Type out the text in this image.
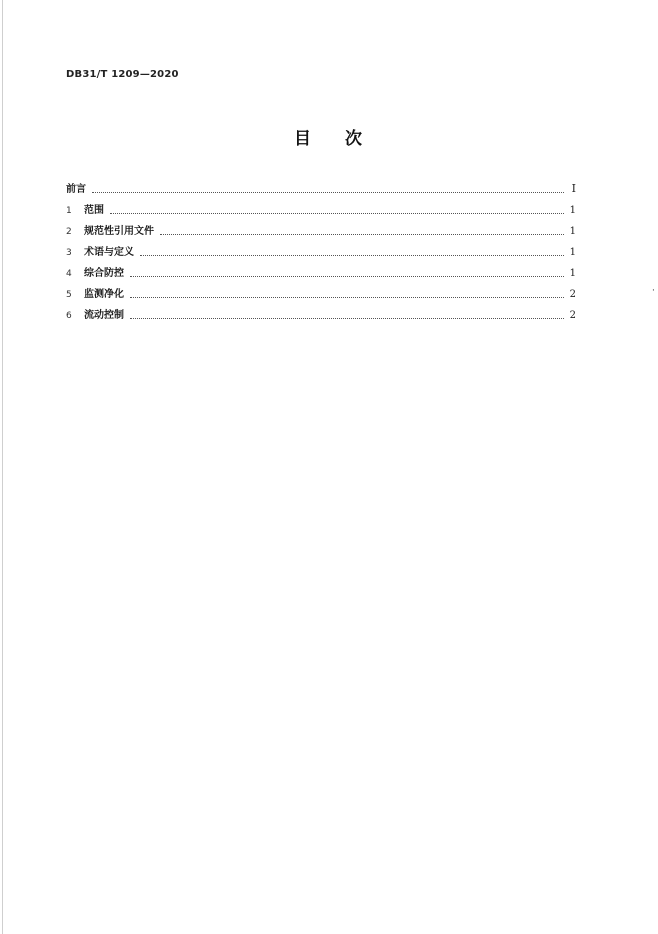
DB31/T 1209—2020
目 次
前言	I
1	范围	1
2	规范性引用文件	1
3	术语与定义	1
4	综合防控	1
5	监测净化	2
6	流动控制	2
·
